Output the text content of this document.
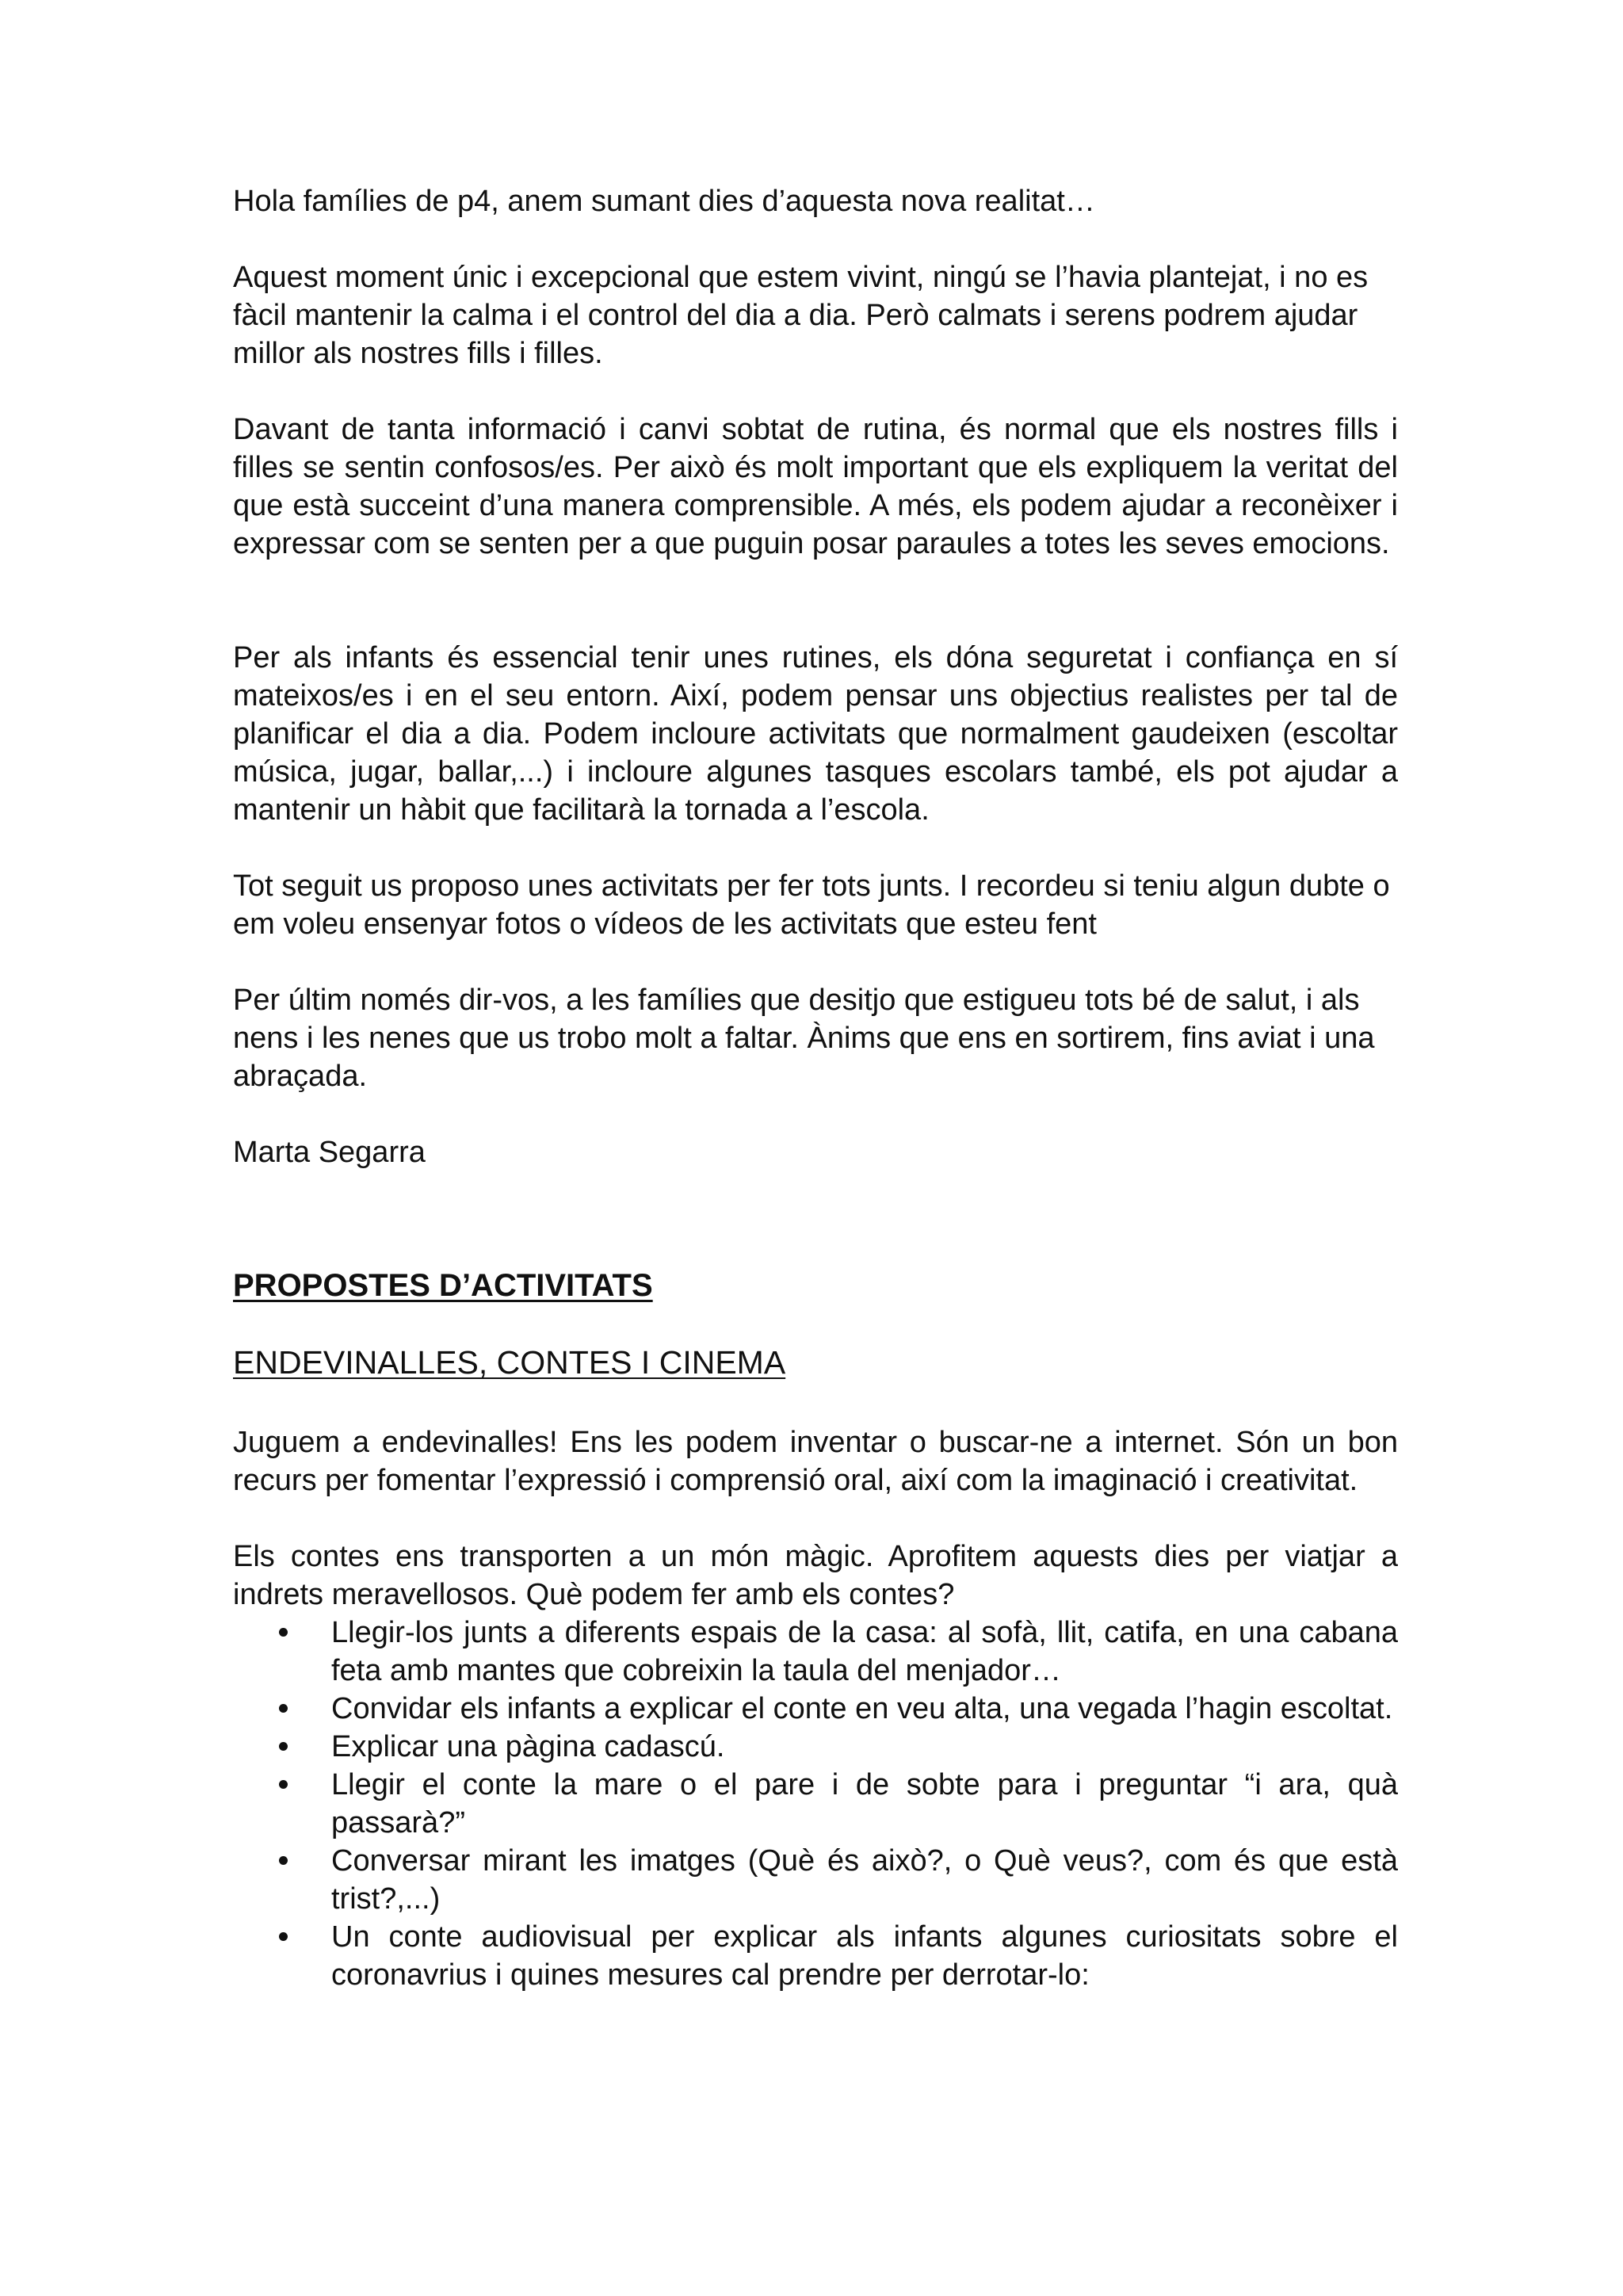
Hola famílies de p4, anem sumant dies d’aquesta nova realitat…

Aquest moment únic i excepcional que estem vivint, ningú se l’havia plantejat, i no es fàcil mantenir la calma i el control del dia a dia. Però calmats i serens podrem ajudar millor als nostres fills i filles.

Davant de tanta informació i canvi sobtat de rutina, és normal que els nostres fills i filles se sentin confosos/es. Per això és molt important que els expliquem la veritat del que està succeint d’una manera comprensible. A més, els podem ajudar a reconèixer i expressar com se senten per a que puguin posar paraules a totes les seves emocions.

Per als infants és essencial tenir unes rutines, els dóna seguretat i confiança en sí mateixos/es i en el seu entorn. Així, podem pensar uns objectius realistes per tal de planificar el dia a dia. Podem incloure activitats que normalment gaudeixen (escoltar música, jugar, ballar,...) i incloure algunes tasques escolars també, els pot ajudar a mantenir un hàbit que facilitarà la tornada a l’escola.

Tot seguit us proposo unes activitats per fer tots junts. I recordeu si teniu algun dubte o em voleu ensenyar fotos o vídeos de les activitats que esteu fent

Per últim només dir-vos, a les famílies que desitjo que estigueu tots bé de salut, i als nens i les nenes que us trobo molt a faltar. Ànims que ens en sortirem, fins aviat i una abraçada.

Marta Segarra

PROPOSTES D’ACTIVITATS
ENDEVINALLES, CONTES I CINEMA

Juguem a endevinalles! Ens les podem inventar o buscar-ne a internet. Són un bon recurs per fomentar l’expressió i comprensió oral, així com la imaginació i creativitat.

Els contes ens transporten a un món màgic. Aprofitem aquests dies per viatjar a indrets meravellosos. Què podem fer amb els contes?

Llegir-los junts a diferents espais de la casa: al sofà, llit, catifa, en una cabana feta amb mantes que cobreixin la taula del menjador…
Convidar els infants a explicar el conte en veu alta, una vegada l’hagin escoltat.
Explicar una pàgina cadascú.
Llegir el conte la mare o el pare i de sobte para i preguntar “i ara, quà passarà?”
Conversar mirant les imatges (Què és això?, o Què veus?, com és que està trist?,...)
Un conte audiovisual per explicar als infants algunes curiositats sobre el coronavrius i quines mesures cal prendre per derrotar-lo:
